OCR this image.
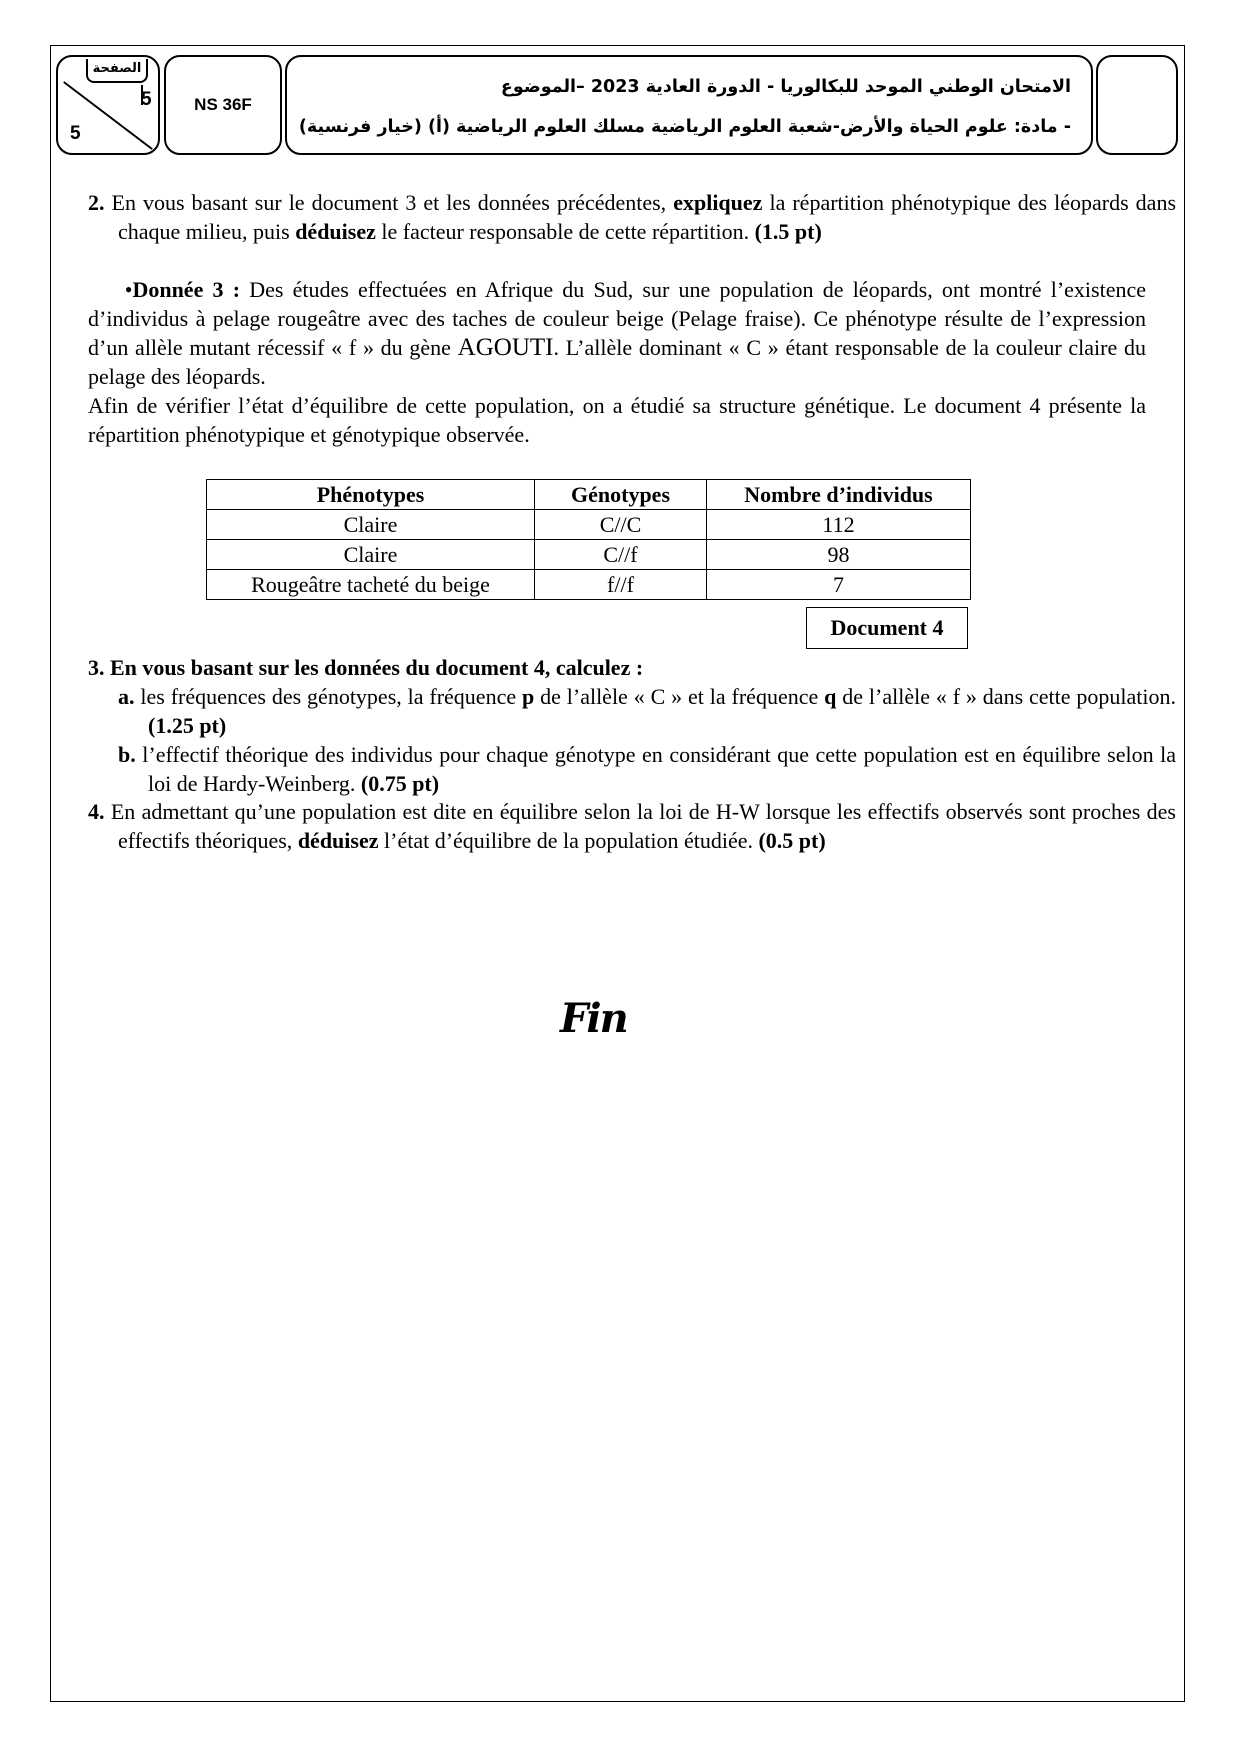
الصفحة
5
5
NS 36F
الامتحان الوطني الموحد للبكالوريا - الدورة العادية 2023 –الموضوع
- مادة: علوم الحياة والأرض-شعبة العلوم الرياضية مسلك العلوم الرياضية (أ) (خيار فرنسية)
2. En vous basant sur le document 3 et les données précédentes, expliquez la répartition phénotypique des léopards dans chaque milieu, puis déduisez le facteur responsable de cette répartition. (1.5 pt)
•Donnée 3 : Des études effectuées en Afrique du Sud, sur une population de léopards, ont montré l’existence d’individus à pelage rougeâtre avec des taches de couleur beige (Pelage fraise). Ce phénotype résulte de l’expression d’un allèle mutant récessif « f » du gène AGOUTI. L’allèle dominant « C » étant responsable de la couleur claire du pelage des léopards.
Afin de vérifier l’état d’équilibre de cette population, on a étudié sa structure génétique. Le document 4 présente la répartition phénotypique et génotypique observée.
Phénotypes	Génotypes	Nombre d’individus
Claire	C//C	112
Claire	C//f	98
Rougeâtre tacheté du beige	f//f	7
Document 4
3. En vous basant sur les données du document 4, calculez :
a. les fréquences des génotypes, la fréquence p de l’allèle « C » et la fréquence q de l’allèle « f » dans cette population. (1.25 pt)
b. l’effectif théorique des individus pour chaque génotype en considérant que cette population est en équilibre selon la loi de Hardy-Weinberg. (0.75 pt)
4. En admettant qu’une population est dite en équilibre selon la loi de H-W lorsque les effectifs observés sont proches des effectifs théoriques, déduisez l’état d’équilibre de la population étudiée. (0.5 pt)
Fin
